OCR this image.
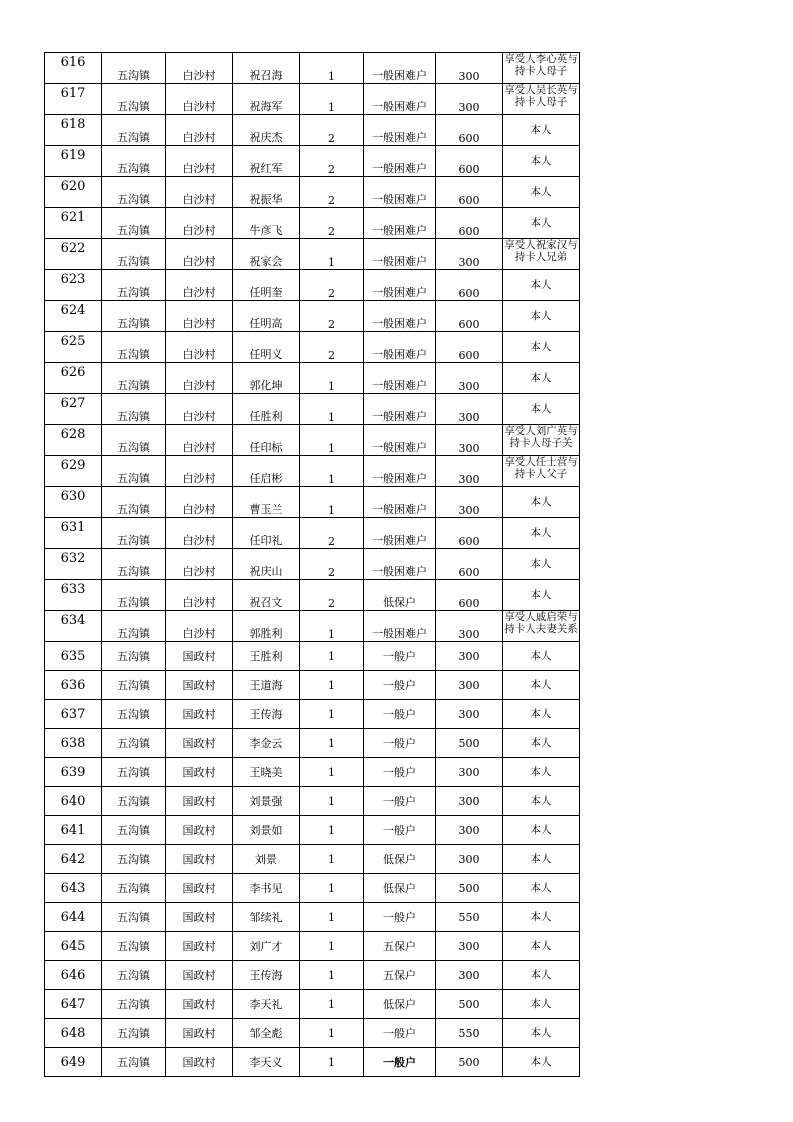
616	五沟镇	白沙村	祝召海	1	一般困难户	300	享受人李心英与持卡人母子
617	五沟镇	白沙村	祝海军	1	一般困难户	300	享受人吴长英与持卡人母子
618	五沟镇	白沙村	祝庆杰	2	一般困难户	600	本人
619	五沟镇	白沙村	祝红军	2	一般困难户	600	本人
620	五沟镇	白沙村	祝振华	2	一般困难户	600	本人
621	五沟镇	白沙村	牛彦飞	2	一般困难户	600	本人
622	五沟镇	白沙村	祝家会	1	一般困难户	300	享受人祝家汉与持卡人兄弟
623	五沟镇	白沙村	任明奎	2	一般困难户	600	本人
624	五沟镇	白沙村	任明高	2	一般困难户	600	本人
625	五沟镇	白沙村	任明义	2	一般困难户	600	本人
626	五沟镇	白沙村	郭化坤	1	一般困难户	300	本人
627	五沟镇	白沙村	任胜利	1	一般困难户	300	本人
628	五沟镇	白沙村	任印标	1	一般困难户	300	享受人刘广英与持卡人母子关
629	五沟镇	白沙村	任启彬	1	一般困难户	300	享受人任士营与持卡人父子
630	五沟镇	白沙村	曹玉兰	1	一般困难户	300	本人
631	五沟镇	白沙村	任印礼	2	一般困难户	600	本人
632	五沟镇	白沙村	祝庆山	2	一般困难户	600	本人
633	五沟镇	白沙村	祝召文	2	低保户	600	本人
634	五沟镇	白沙村	郭胜利	1	一般困难户	300	享受人戚启荣与持卡人夫妻关系
635	五沟镇	国政村	王胜利	1	一般户	300	本人
636	五沟镇	国政村	王道海	1	一般户	300	本人
637	五沟镇	国政村	王传海	1	一般户	300	本人
638	五沟镇	国政村	李金云	1	一般户	500	本人
639	五沟镇	国政村	王晓美	1	一般户	300	本人
640	五沟镇	国政村	刘景强	1	一般户	300	本人
641	五沟镇	国政村	刘景如	1	一般户	300	本人
642	五沟镇	国政村	刘景	1	低保户	300	本人
643	五沟镇	国政村	李书见	1	低保户	500	本人
644	五沟镇	国政村	邹续礼	1	一般户	550	本人
645	五沟镇	国政村	刘广才	1	五保户	300	本人
646	五沟镇	国政村	王传海	1	五保户	300	本人
647	五沟镇	国政村	李天礼	1	低保户	500	本人
648	五沟镇	国政村	邹全彪	1	一般户	550	本人
649	五沟镇	国政村	李天义	1	一般户	500	本人
